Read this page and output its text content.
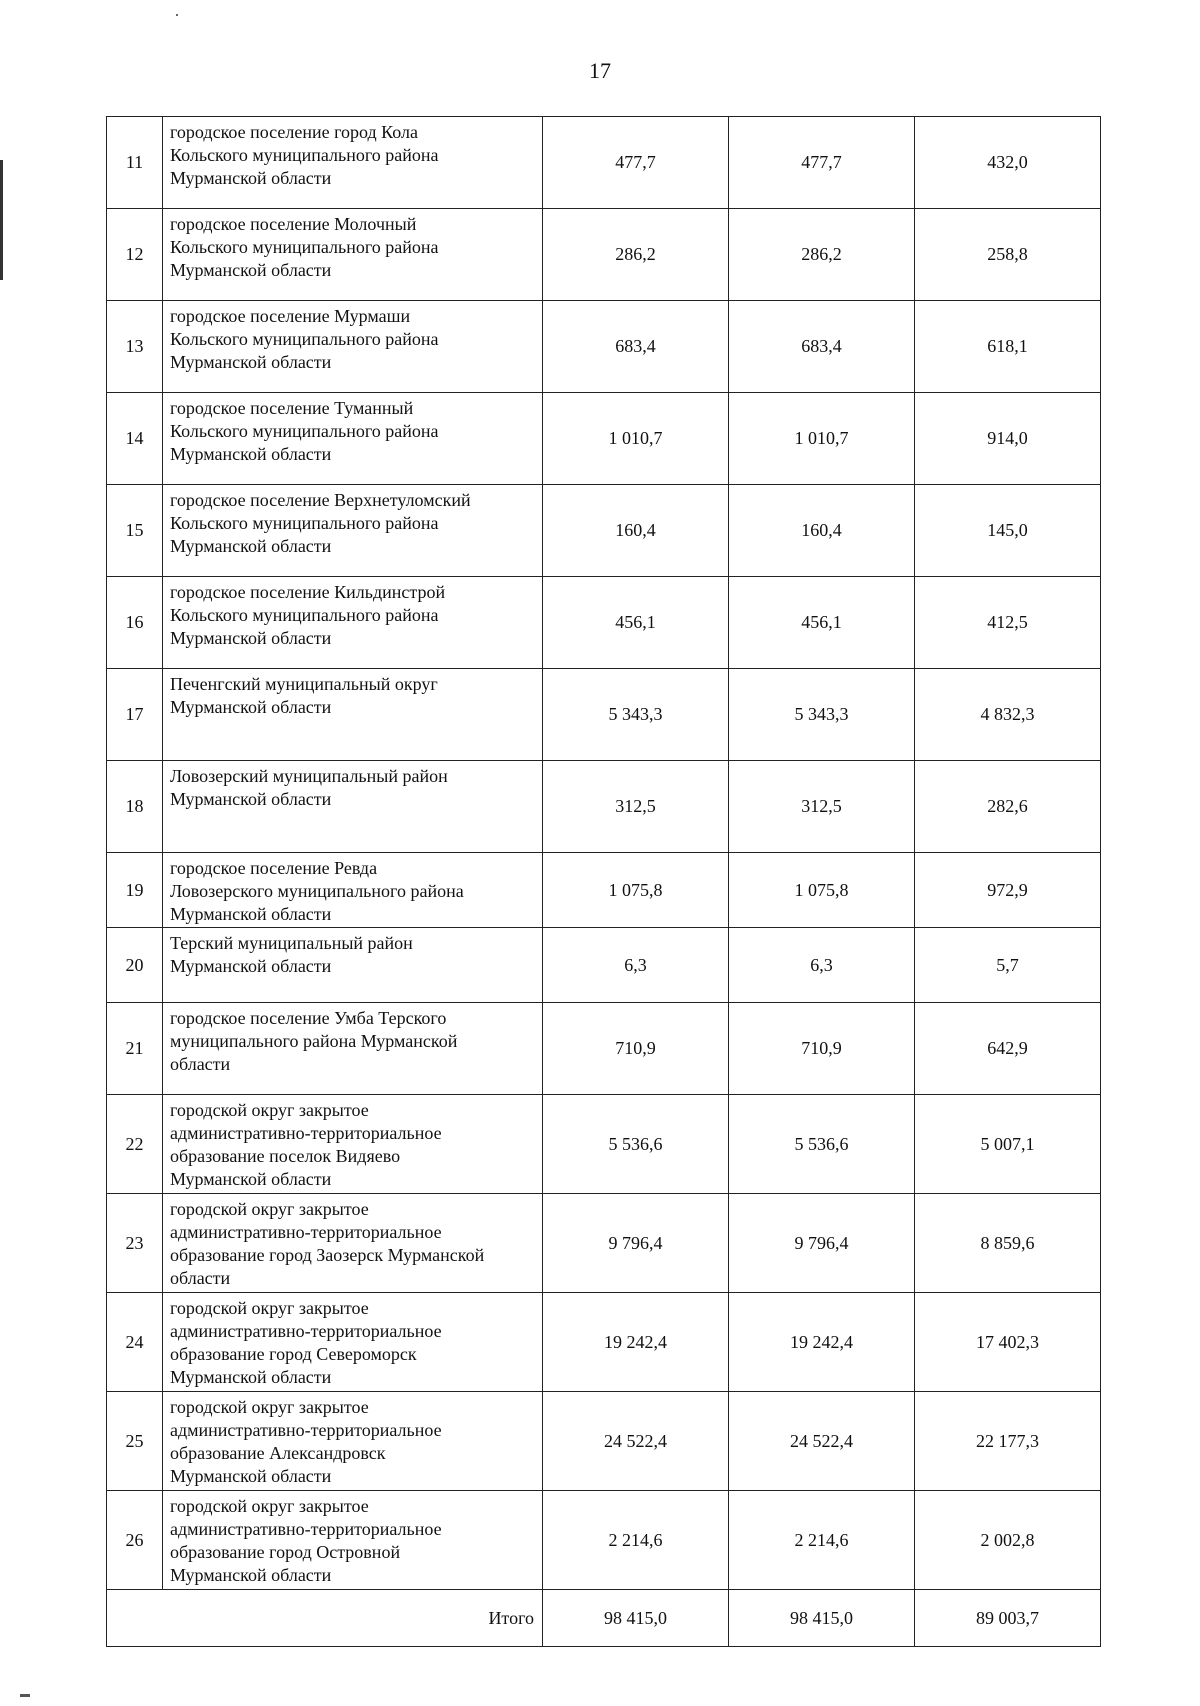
17
11	городское поселение город Кола
Кольского муниципального района
Мурманской области	477,7	477,7	432,0
12	городское поселение Молочный
Кольского муниципального района
Мурманской области	286,2	286,2	258,8
13	городское поселение Мурмаши
Кольского муниципального района
Мурманской области	683,4	683,4	618,1
14	городское поселение Туманный
Кольского муниципального района
Мурманской области	1 010,7	1 010,7	914,0
15	городское поселение Верхнетуломский
Кольского муниципального района
Мурманской области	160,4	160,4	145,0
16	городское поселение Кильдинстрой
Кольского муниципального района
Мурманской области	456,1	456,1	412,5
17	Печенгский муниципальный округ
Мурманской области	5 343,3	5 343,3	4 832,3
18	Ловозерский муниципальный район
Мурманской области	312,5	312,5	282,6
19	городское поселение Ревда
Ловозерского муниципального района
Мурманской области	1 075,8	1 075,8	972,9
20	Терский муниципальный район
Мурманской области	6,3	6,3	5,7
21	городское поселение Умба Терского
муниципального района Мурманской
области	710,9	710,9	642,9
22	городской округ закрытое
административно-территориальное
образование поселок Видяево
Мурманской области	5 536,6	5 536,6	5 007,1
23	городской округ закрытое
административно-территориальное
образование город Заозерск Мурманской
области	9 796,4	9 796,4	8 859,6
24	городской округ закрытое
административно-территориальное
образование город Североморск
Мурманской области	19 242,4	19 242,4	17 402,3
25	городской округ закрытое
административно-территориальное
образование Александровск
Мурманской области	24 522,4	24 522,4	22 177,3
26	городской округ закрытое
административно-территориальное
образование город Островной
Мурманской области	2 214,6	2 214,6	2 002,8
Итого		98 415,0	98 415,0	89 003,7
